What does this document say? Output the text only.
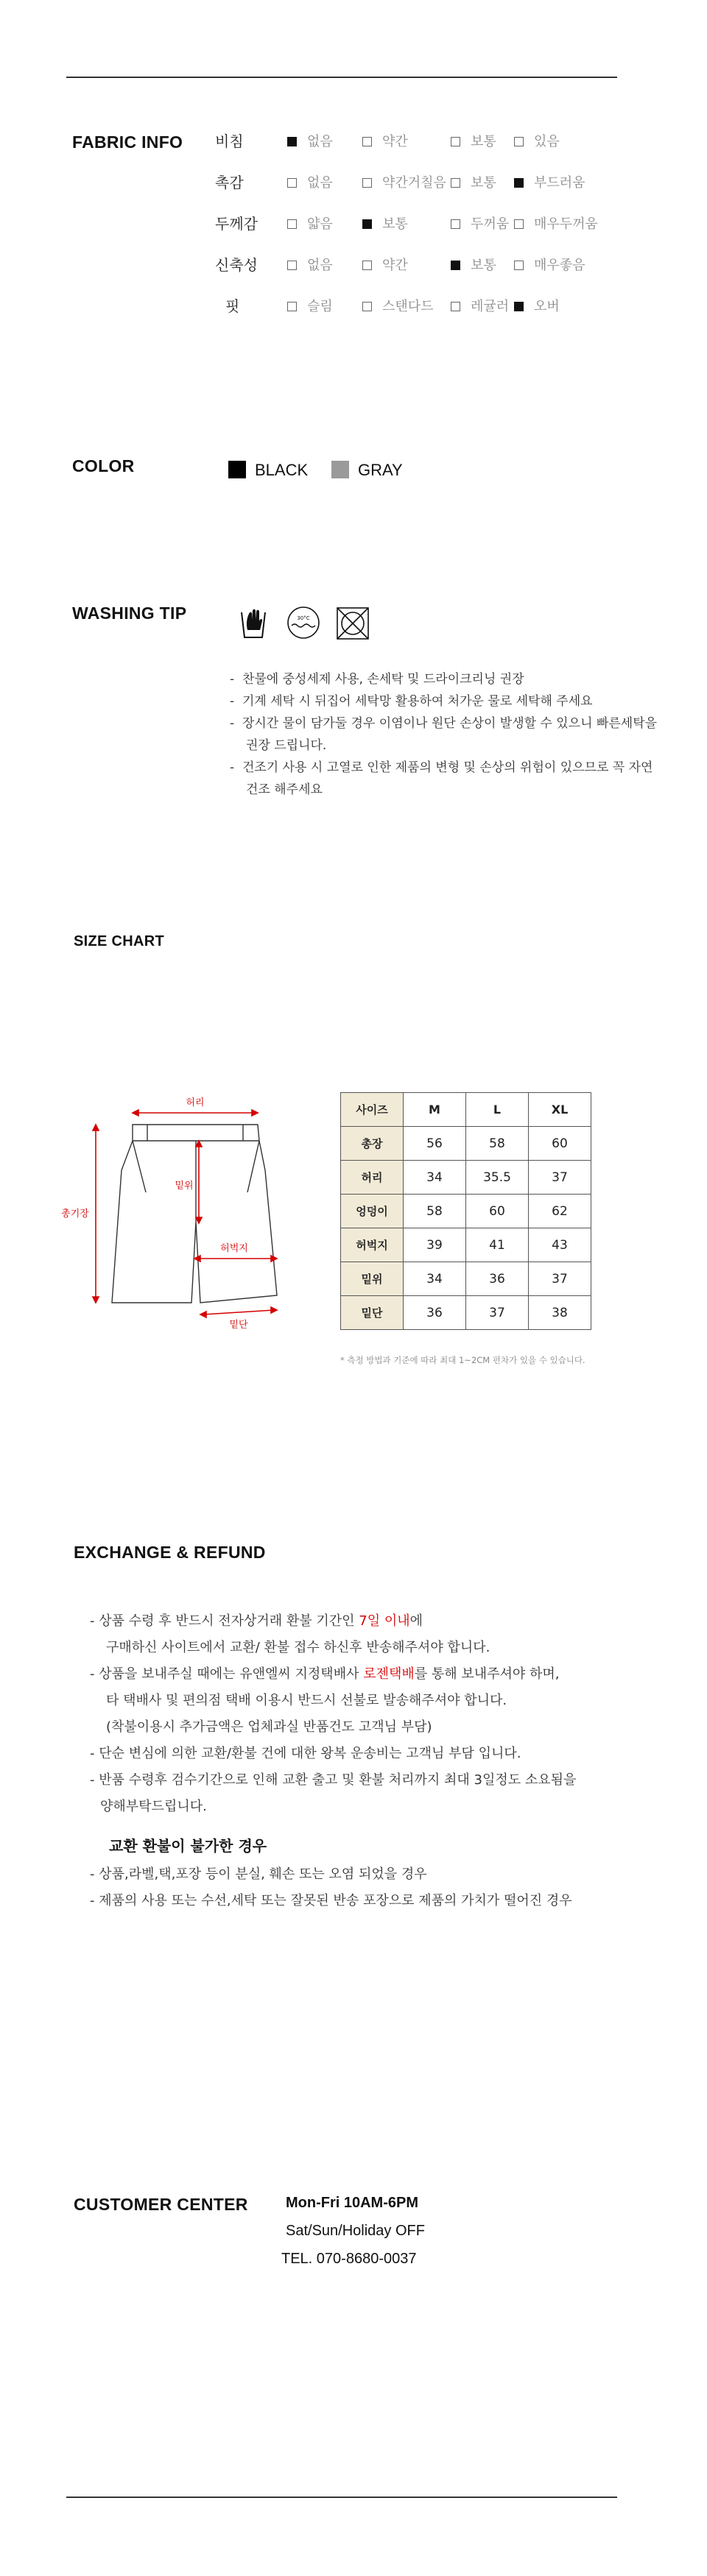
FABRIC INFO 비침	없음	약간	보통	있음
촉감	없음	약간거칠음	보통	부드러움
두께감	얇음	보통	두꺼움	매우두꺼움
신축성	없음	약간	보통	매우좋음
핏	슬림	스탠다드	레귤러	오버
COLOR	BLACK	GRAY
WASHING TIP	30°C
-  찬물에 중성세제 사용, 손세탁 및 드라이크리닝 권장
-  기계 세탁 시 뒤집어 세탁망 활용하여 처가운 물로 세탁해 주세요
-  장시간 물이 담가둘 경우 이염이나 원단 손상이 발생할 수 있으니 빠른세탁을 권장 드립니다.
-  건조기 사용 시 고열로 인한 제품의 변형 및 손상의 위험이 있으므로 꼭 자연건조 해주세요
SIZE CHART
허리
총기장
밑위
허벅지
밑단
사이즈	M	L	XL
총장	56	58	60
허리	34	35.5	37
엉덩이	58	60	62
허벅지	39	41	43
밑위	34	36	37
밑단	36	37	38
* 측정 방법과 기준에 따라 최대 1~2CM 편차가 있을 수 있습니다.
EXCHANGE & REFUND
- 상품 수령 후 반드시 전자상거래 환불 기간인 7일 이내에
구매하신 사이트에서 교환/ 환불 접수 하신후 반송해주셔야 합니다.
- 상품을 보내주실 때에는 유앤엘씨 지정택배사 로젠택배를 통해 보내주셔야 하며,
타 택배사 및 편의점 택배 이용시 반드시 선불로 발송해주셔야 합니다.
(착불이용시 추가금액은 업체과실 반품건도 고객님 부담)
- 단순 변심에 의한 교환/환불 건에 대한 왕복 운송비는 고객님 부담 입니다.
- 반품 수령후 검수기간으로 인해 교환 출고 및 환불 처리까지 최대 3일정도 소요됨을
양해부탁드립니다.
교환 환불이 불가한 경우
- 상품,라벨,택,포장 등이 분실, 훼손 또는 오염 되었을 경우
- 제품의 사용 또는 수선,세탁 또는 잘못된 반송 포장으로 제품의 가치가 떨어진 경우
CUSTOMER CENTER	Mon-Fri 10AM-6PM
Sat/Sun/Holiday OFF
TEL. 070-8680-0037
